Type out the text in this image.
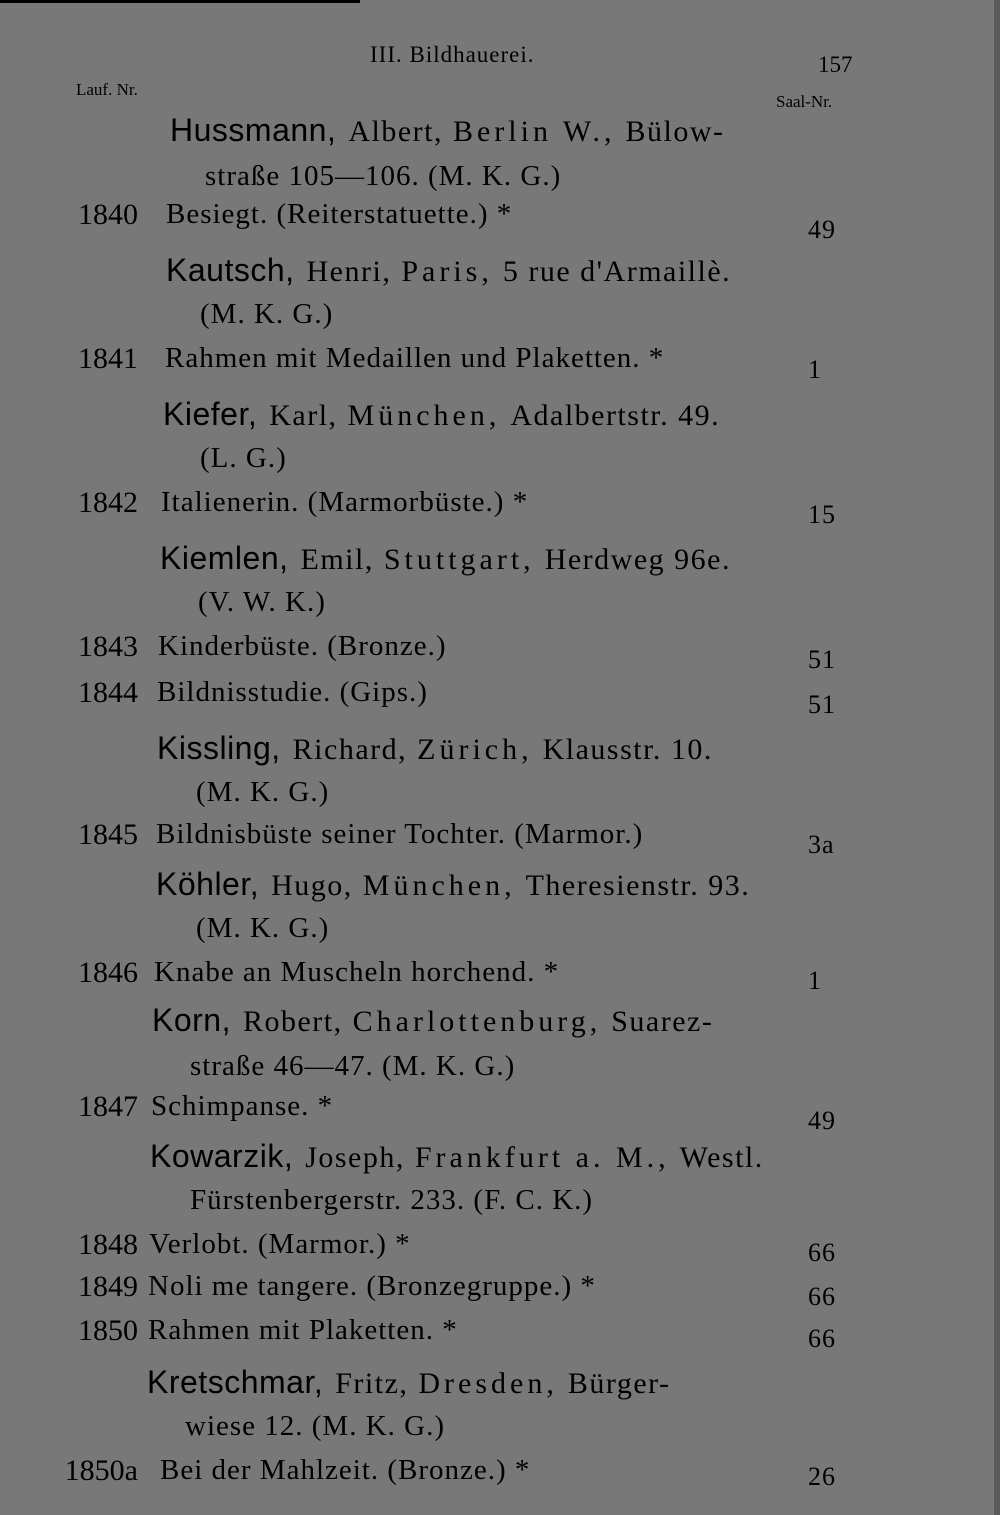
III. Bildhauerei.	157
Lauf. Nr.
Saal-Nr.
Hussmann, Albert, Berlin W., Bülow-
straße 105—106. (M. K. G.)
1840 Besiegt. (Reiterstatuette.) *	49
Kautsch, Henri, Paris, 5 rue d'Armaillè.
(M. K. G.)
1841 Rahmen mit Medaillen und Plaketten. *	1
Kiefer, Karl, München, Adalbertstr. 49.
(L. G.)
1842 Italienerin. (Marmorbüste.) *	15
Kiemlen, Emil, Stuttgart, Herdweg 96e.
(V. W. K.)
1843 Kinderbüste. (Bronze.)	51
1844 Bildnisstudie. (Gips.)	51
Kissling, Richard, Zürich, Klausstr. 10.
(M. K. G.)
1845 Bildnisbüste seiner Tochter. (Marmor.)	3a
Köhler, Hugo, München, Theresienstr. 93.
(M. K. G.)
1846 Knabe an Muscheln horchend. *	1
Korn, Robert, Charlottenburg, Suarez-
straße 46—47. (M. K. G.)
1847 Schimpanse. *	49
Kowarzik, Joseph, Frankfurt a. M., Westl.
Fürstenbergerstr. 233. (F. C. K.)
1848 Verlobt. (Marmor.) *	66
1849 Noli me tangere. (Bronzegruppe.) *	66
1850 Rahmen mit Plaketten. *	66
Kretschmar, Fritz, Dresden, Bürger-
wiese 12. (M. K. G.)
1850a Bei der Mahlzeit. (Bronze.) *	26
